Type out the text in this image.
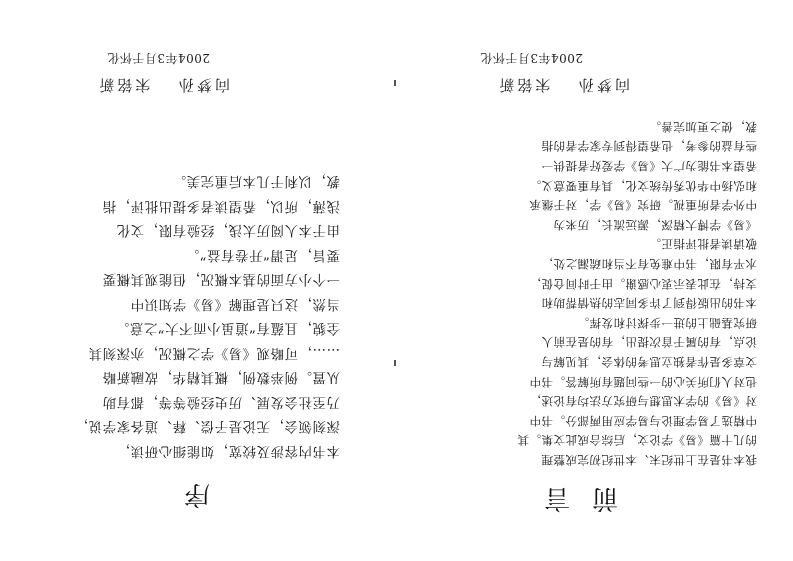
序

本书内容涉及较宽，如能细心研读，

深刻领会，无论是子偿、释、道各家学说，

乃至社会发展、历史经验等等，都有助

从置。例举数例，概其精华，故融新略

……，可略观《易》学之概况，亦深刻其

全貌，且蕴有“道虽小而不大”之意。

当然，这只是理解《易》学知识中

一个小方面的基本概况，但能观其概要

要旨，足谓“开卷有益”。

由于本人阅历太浅，经验有限，文化

浅薄，所以，希望读者多提出批评，指

教，以利于几本后重完美。

向梦孙 宋铭新
2004年3月于怀化
前言

我本书是在上世纪末、本世纪初完成整理

的几十篇《易》学论文，后综合成此文集。其

中精选了易学理论与易学应用两部分。书中

对《易》的学术思想与研究方法均有论述，

也对人们所关心的一些问题有所解答。书中

文章多是作者独立思考的体会，其见解与

论点，有的属于首次提出，有的是在前人

研究基础上的进一步探讨和发挥。

本书的出版得到了许多同志的热情帮助和

支持，在此表示衷心感谢。由于时间仓促，

水平有限，书中难免有不当和疏漏之处，

敬请读者批评指正。

《易》学博大精深，源远流长，历来为

中外学者所重视。研究《易》学，对于继承

和弘扬中华优秀传统文化，具有重要意义。

希望本书能为广大《易》学爱好者提供一

些有益的参考，也希望得到专家学者的指

教，使之更加完善。

向梦孙 宋铭新
2004年3月于怀化
